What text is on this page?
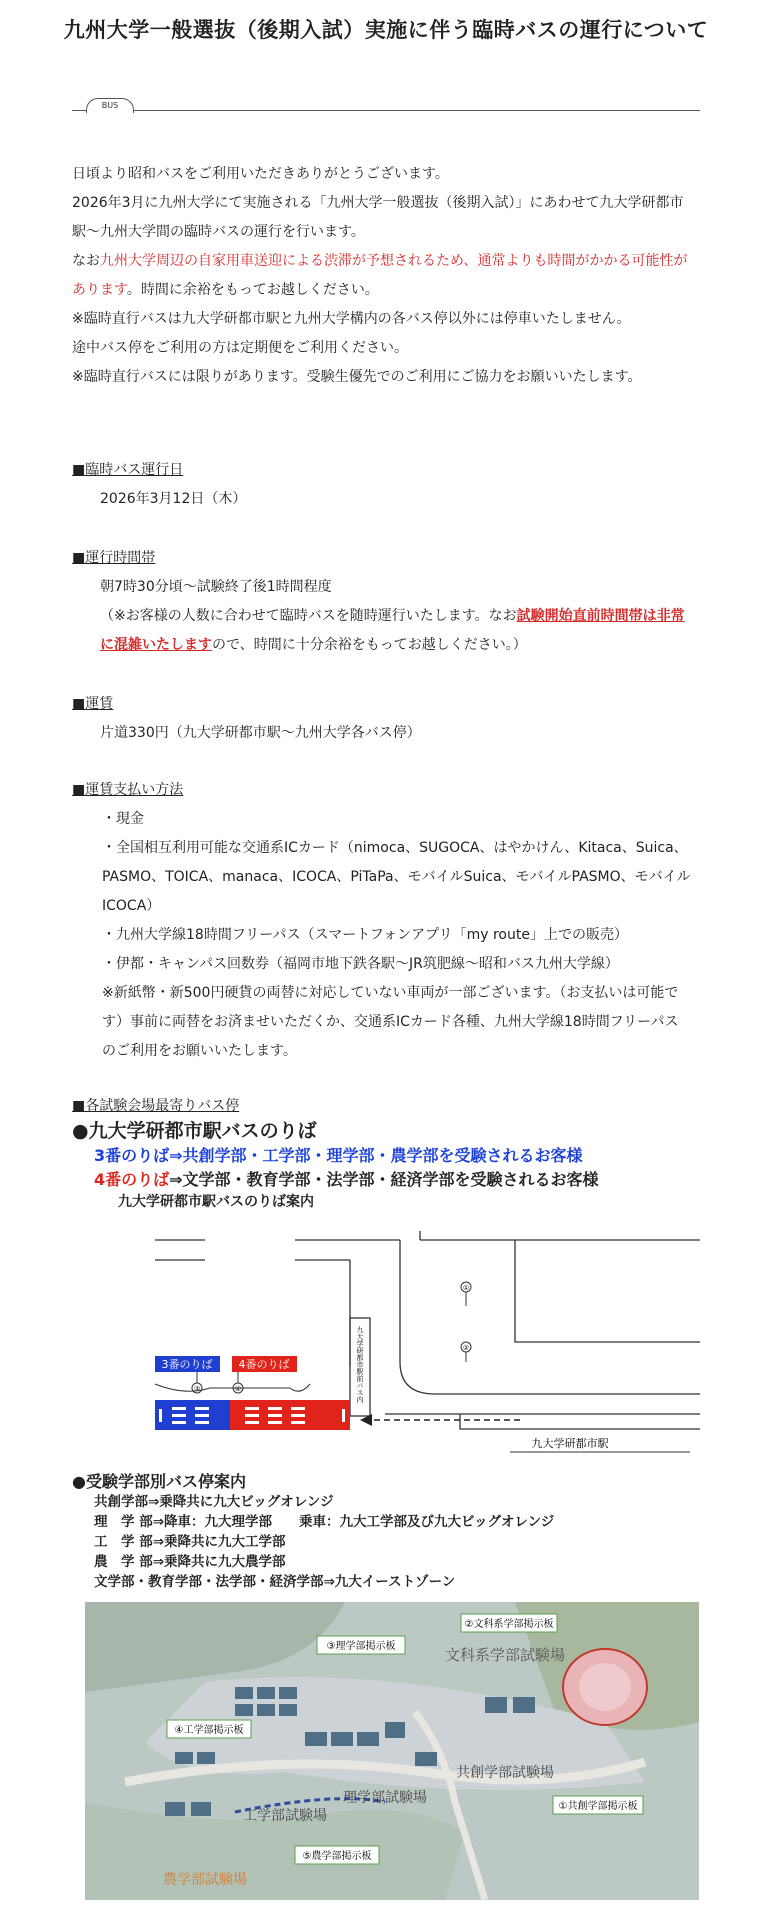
九州大学一般選抜（後期入試）実施に伴う臨時バスの運行について
BUS

日頃より昭和バスをご利用いただきありがとうございます。

2026年3月に九州大学にて実施される「九州大学一般選抜（後期入試）」にあわせて九大学研都市駅～九州大学間の臨時バスの運行を行います。

なお九州大学周辺の自家用車送迎による渋滞が予想されるため、通常よりも時間がかかる可能性があります。時間に余裕をもってお越しください。

※臨時直行バスは九大学研都市駅と九州大学構内の各バス停以外には停車いたしません。

途中バス停をご利用の方は定期便をご利用ください。

※臨時直行バスには限りがあります。受験生優先でのご利用にご協力をお願いいたします。

■臨時バス運行日
2026年3月12日（木）
■運行時間帯
朝7時30分頃～試験終了後1時間程度
（※お客様の人数に合わせて臨時バスを随時運行いたします。なお試験開始直前時間帯は非常に混雑いたしますので、時間に十分余裕をもってお越しください。）
■運賃
片道330円（九大学研都市駅～九州大学各バス停）
■運賃支払い方法
・現金
・全国相互利用可能な交通系ICカード（nimoca、SUGOCA、はやかけん、Kitaca、Suica、PASMO、TOICA、manaca、ICOCA、PiTaPa、モバイルSuica、モバイルPASMO、モバイルICOCA）
・九州大学線18時間フリーパス（スマートフォンアプリ「my route」上での販売）
・伊都・キャンパス回数券（福岡市地下鉄各駅～JR筑肥線～昭和バス九州大学線）
※新紙幣・新500円硬貨の両替に対応していない車両が一部ございます。（お支払いは可能です）事前に両替をお済ませいただくか、交通系ICカード各種、九州大学線18時間フリーパスのご利用をお願いいたします。
■各試験会場最寄りバス停
●九大学研都市駅バスのりば
3番のりば⇒共創学部・工学部・理学部・農学部を受験されるお客様
4番のりば⇒文学部・教育学部・法学部・経済学部を受験されるお客様
九大学研都市駅バスのりば案内
①
②
九大学研都市駅前バス内
3番のりば 4番のりば
③	④
九大学研都市駅
●受験学部別バス停案内
共創学部⇒乗降共に九大ビッグオレンジ
理　学 部⇒降車：九大理学部　　乗車：九大工学部及び九大ビッグオレンジ
工　学 部⇒乗降共に九大工学部
農　学 部⇒乗降共に九大農学部
文学部・教育学部・法学部・経済学部⇒九大イーストゾーン
②文科系学部掲示板
文科系学部試験場
③理学部掲示板
④工学部掲示板
①共創学部掲示板
⑤農学部掲示板
共創学部試験場
理学部試験場
工学部試験場
農学部試験場
